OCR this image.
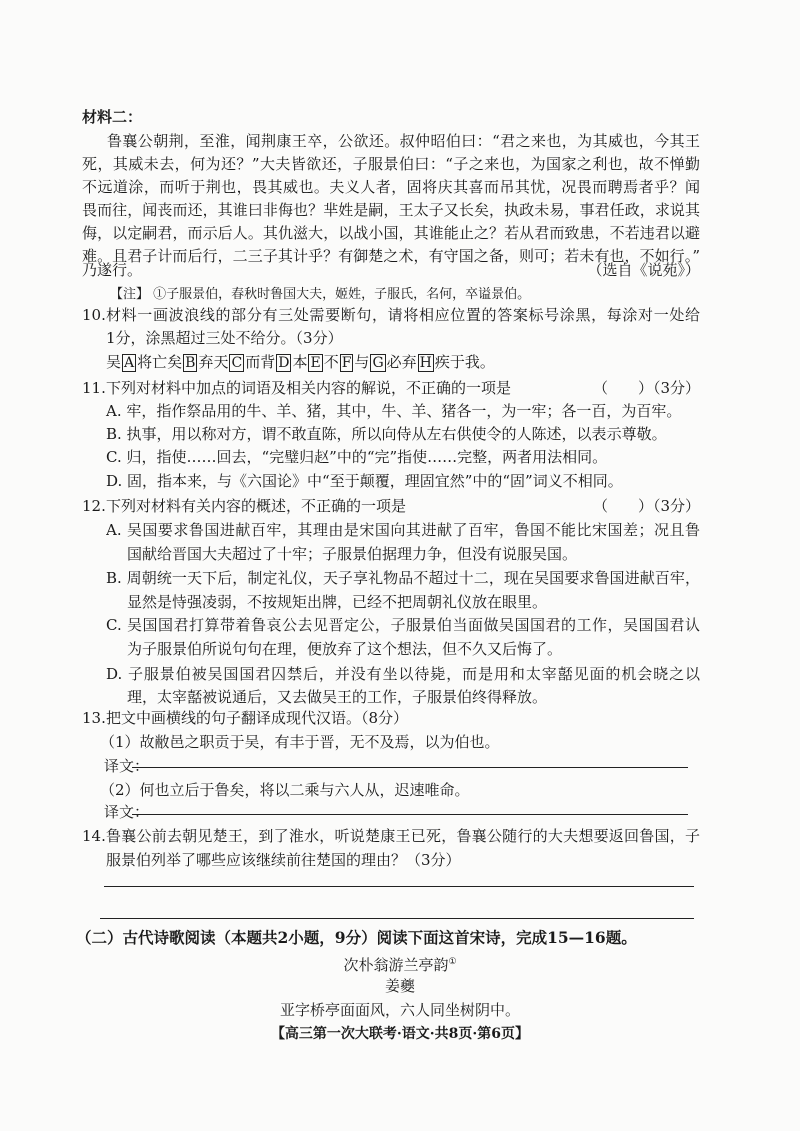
材料二：
鲁襄公朝荆，至淮，闻荆康王卒，公欲还。叔仲昭伯曰：“君之来也，为其威也，今其王
死，其威未去，何为还？”大夫皆欲还，子服景伯曰：“子之来也，为国家之利也，故不惮勤
不远道涂，而听于荆也，畏其威也。夫义人者，固将庆其喜而吊其忧，况畏而聘焉者乎？闻
畏而往，闻丧而还，其谁曰非侮也？芈姓是嗣，王太子又长矣，执政未易，事君任政，求说其
侮，以定嗣君，而示后人。其仇滋大，以战小国，其谁能止之？若从君而致患，不若违君以避
难。且君子计而后行，二三子其计乎？有御楚之术，有守国之备，则可；若未有也，不如行。”
乃遂行。	（选自《说苑》）
【注】 ①子服景伯，春秋时鲁国大夫，姬姓，子服氏，名何，卒谥景伯。
10. 材料一画波浪线的部分有三处需要断句，请将相应位置的答案标号涂黑，每涂对一处给
1分，涂黑超过三处不给分。（3分）
吴 A 将亡矣 B 弃天 C 而背 D 本 E 不 F 与 G 必弃 H 疾于我。
11. 下列对材料中加点的词语及相关内容的解说，不正确的一项是	（　　）（3分）
A. 牢，指作祭品用的牛、羊、猪，其中，牛、羊、猪各一，为一牢；各一百，为百牢。
B. 执事，用以称对方，谓不敢直陈，所以向侍从左右供使令的人陈述，以表示尊敬。
C. 归，指使……回去，“完璧归赵”中的“完”指使……完整，两者用法相同。
D. 固，指本来，与《六国论》中“至于颠覆，理固宜然”中的“固”词义不相同。
12. 下列对材料有关内容的概述，不正确的一项是	（　　）（3分）
A. 吴国要求鲁国进献百牢，其理由是宋国向其进献了百牢，鲁国不能比宋国差；况且鲁
国献给晋国大夫超过了十牢；子服景伯据理力争，但没有说服吴国。
B. 周朝统一天下后，制定礼仪，天子享礼物品不超过十二，现在吴国要求鲁国进献百牢，
显然是恃强凌弱，不按规矩出牌，已经不把周朝礼仪放在眼里。
C. 吴国国君打算带着鲁哀公去见晋定公，子服景伯当面做吴国国君的工作，吴国国君认
为子服景伯所说句句在理，便放弃了这个想法，但不久又后悔了。
D. 子服景伯被吴国国君囚禁后，并没有坐以待毙，而是用和太宰嚭见面的机会晓之以
理，太宰嚭被说通后，又去做吴王的工作，子服景伯终得释放。
13. 把文中画横线的句子翻译成现代汉语。（8分）
（1）故敝邑之职贡于吴，有丰于晋，无不及焉，以为伯也。
译文：
（2）何也立后于鲁矣，将以二乘与六人从，迟速唯命。
译文：
14. 鲁襄公前去朝见楚王，到了淮水，听说楚康王已死，鲁襄公随行的大夫想要返回鲁国，子
服景伯列举了哪些应该继续前往楚国的理由？（3分）
（二）古代诗歌阅读（本题共2小题，9分）阅读下面这首宋诗，完成15—16题。
次朴翁游兰亭韵①
姜夔
亚字桥亭面面风，六人同坐树阴中。
【高三第一次大联考·语文·共8页·第6页】
